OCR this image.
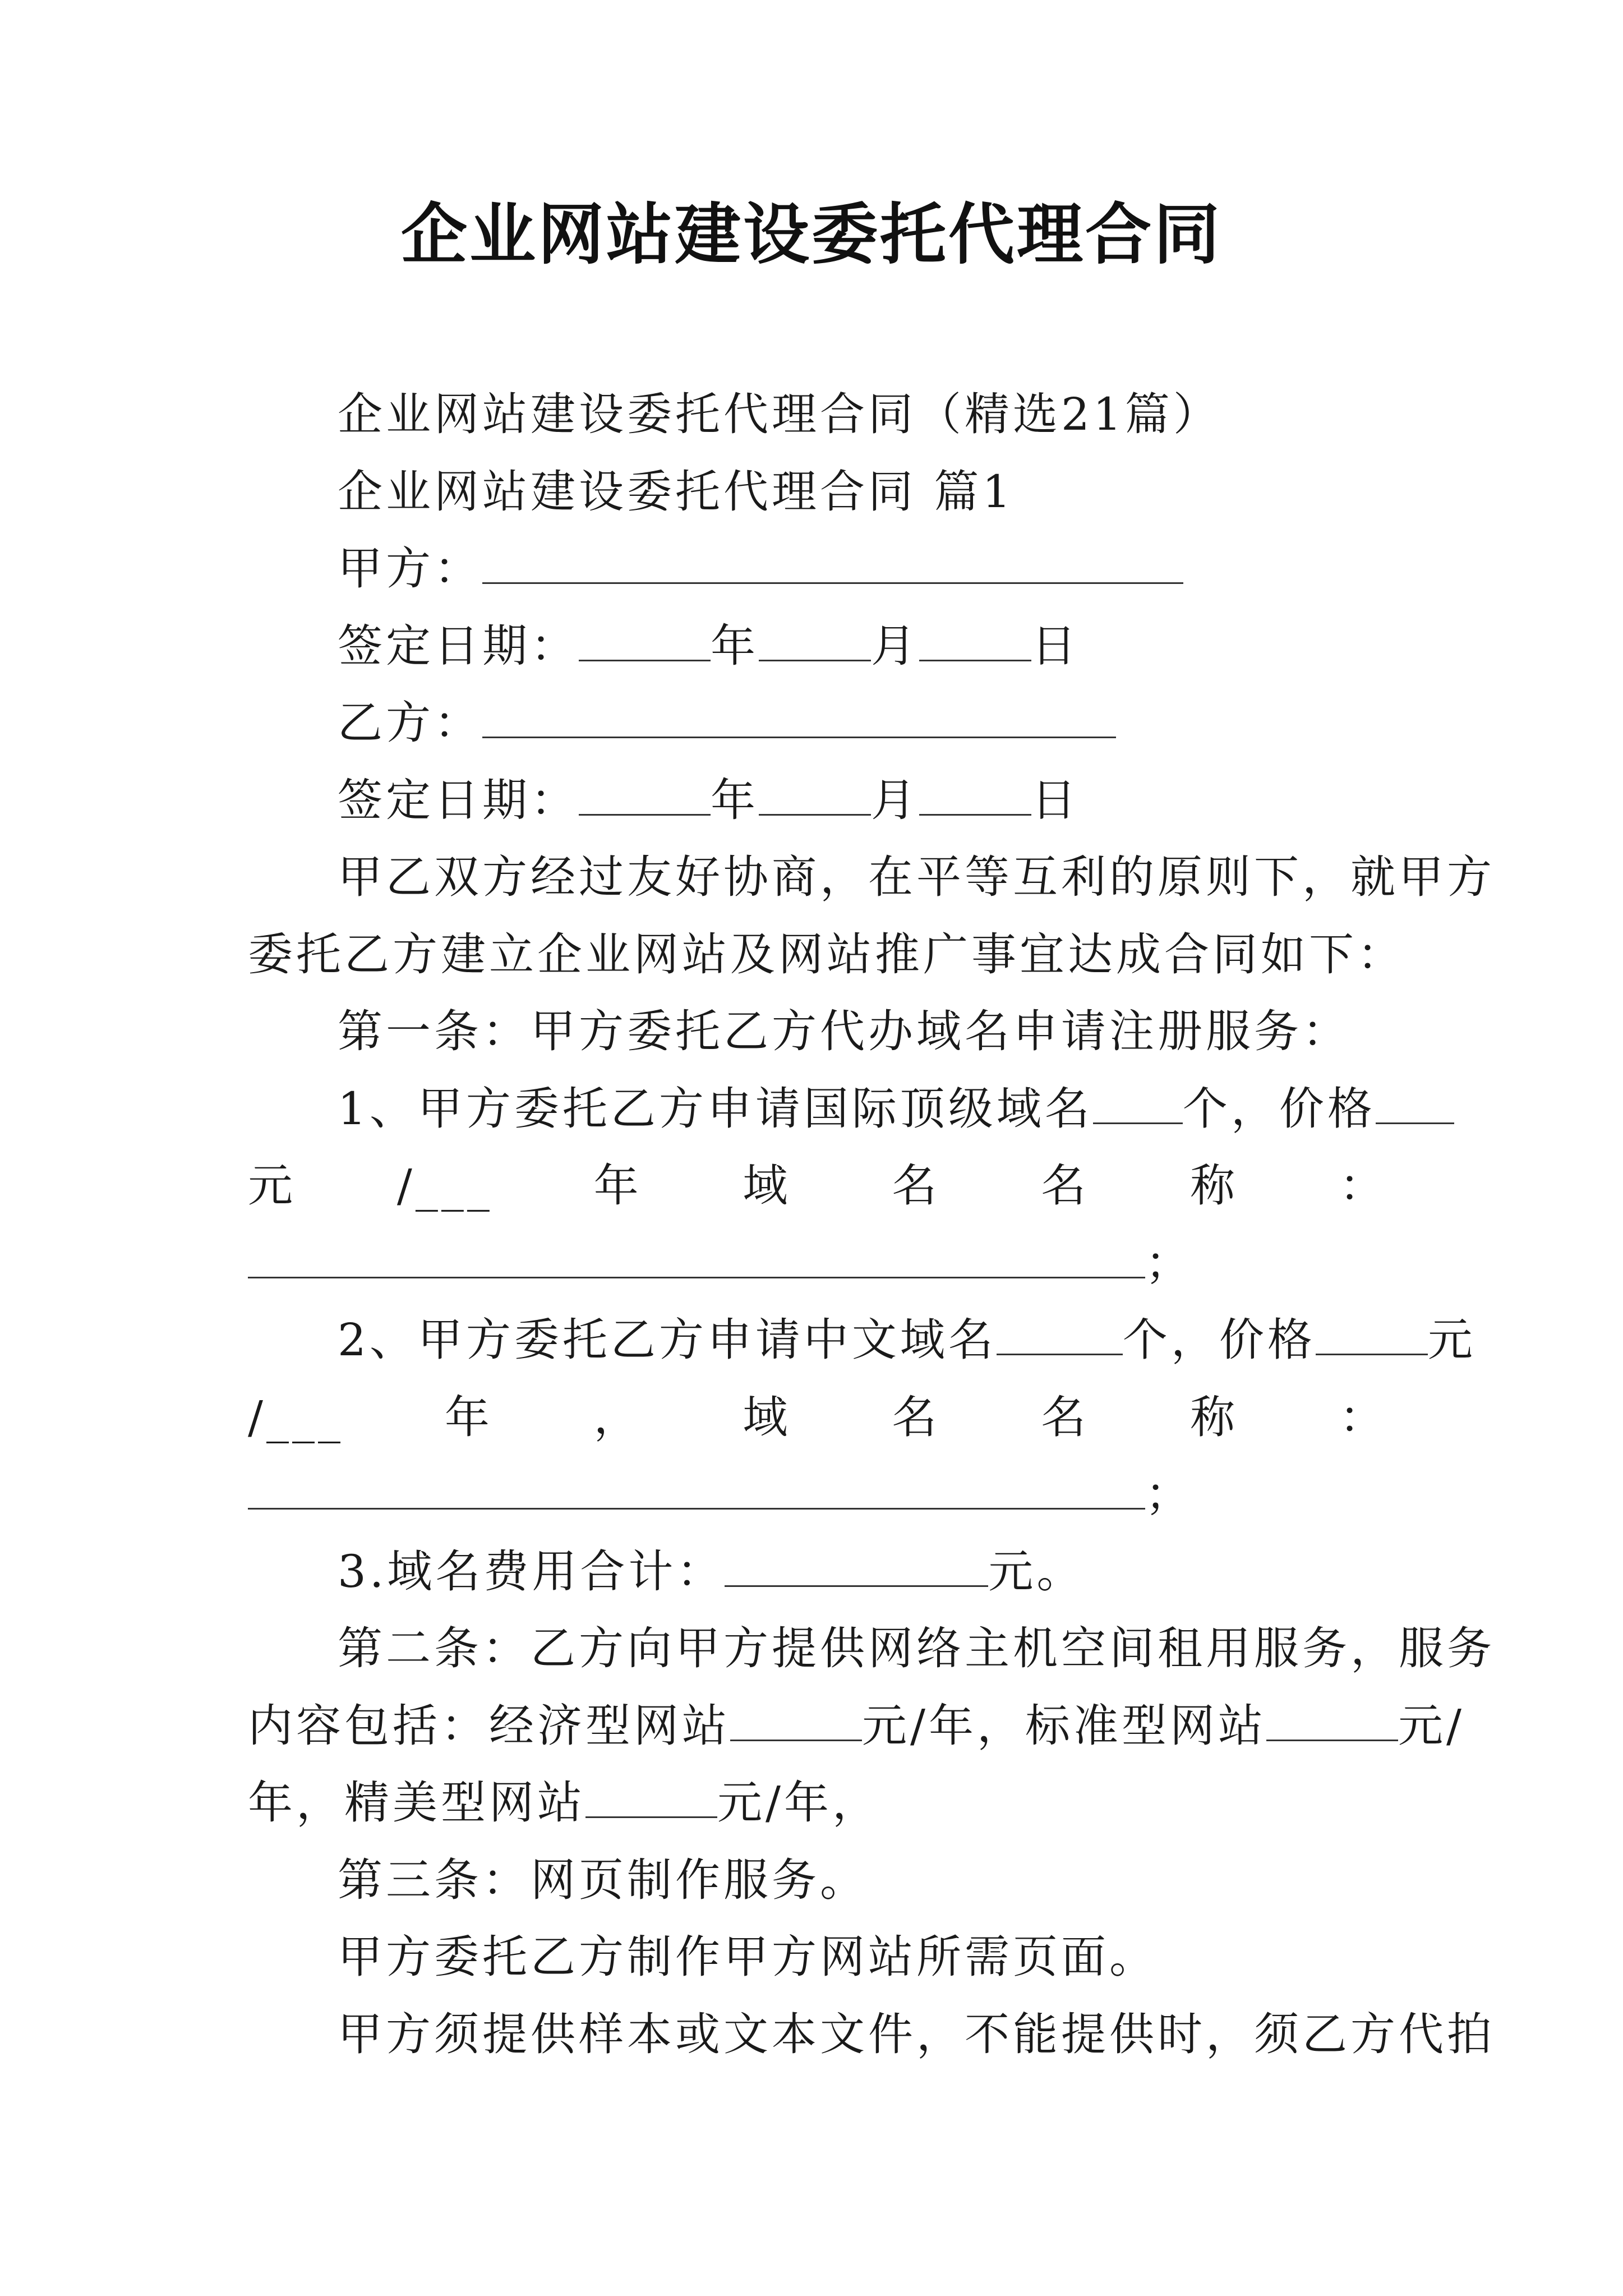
企业网站建设委托代理合同

企业网站建设委托代理合同（精选21篇）

企业网站建设委托代理合同 篇1

甲方：

签定日期：	年	月	日

乙方：

签定日期：	年	月	日

甲乙双方经过友好协商，在平等互利的原则下，就甲方

委托乙方建立企业网站及网站推广事宜达成合同如下：

第一条：甲方委托乙方代办域名申请注册服务：

1、甲方委托乙方申请国际顶级域名 个，价格

元 /___ 年 域 名 名 称 ：

；

2、甲方委托乙方申请中文域名	个，价格	元

/___ 年 ， 域 名 名 称 ：

；

3.域名费用合计：	元。

第二条：乙方向甲方提供网络主机空间租用服务，服务

内容包括：经济型网站	元/年，标准型网站	元/

年，精美型网站	元/年，

第三条：网页制作服务。

甲方委托乙方制作甲方网站所需页面。

甲方须提供样本或文本文件，不能提供时，须乙方代拍
